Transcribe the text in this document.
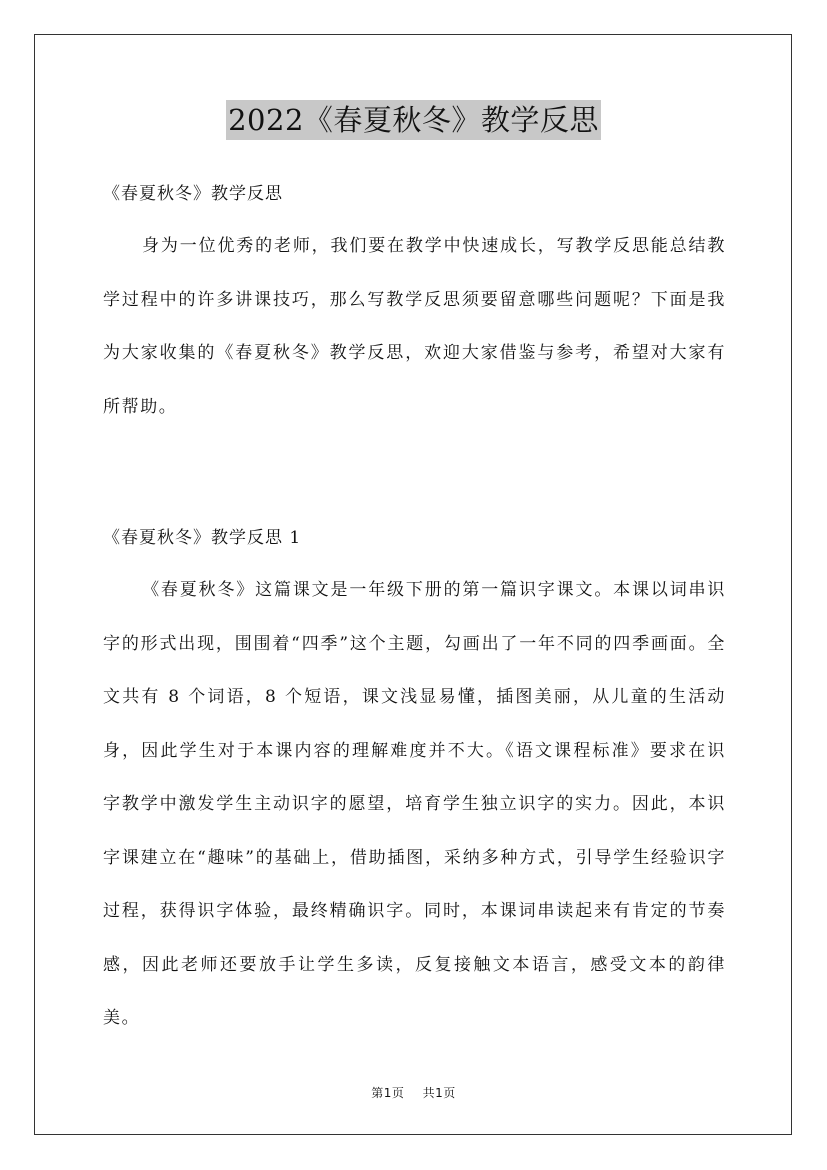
2022《春夏秋冬》教学反思

《春夏秋冬》教学反思

身为一位优秀的老师，我们要在教学中快速成长，写教学反思能总结教学过程中的许多讲课技巧，那么写教学反思须要留意哪些问题呢？下面是我为大家收集的《春夏秋冬》教学反思，欢迎大家借鉴与参考，希望对大家有所帮助。

《春夏秋冬》教学反思 1

《春夏秋冬》这篇课文是一年级下册的第一篇识字课文。本课以词串识字的形式出现，围围着“四季”这个主题，勾画出了一年不同的四季画面。全文共有 8 个词语，8 个短语，课文浅显易懂，插图美丽，从儿童的生活动身，因此学生对于本课内容的理解难度并不大。《语文课程标准》要求在识字教学中激发学生主动识字的愿望，培育学生独立识字的实力。因此，本识字课建立在“趣味”的基础上，借助插图，采纳多种方式，引导学生经验识字过程，获得识字体验，最终精确识字。同时，本课词串读起来有肯定的节奏感，因此老师还要放手让学生多读，反复接触文本语言，感受文本的韵律美。

第1页 共1页
